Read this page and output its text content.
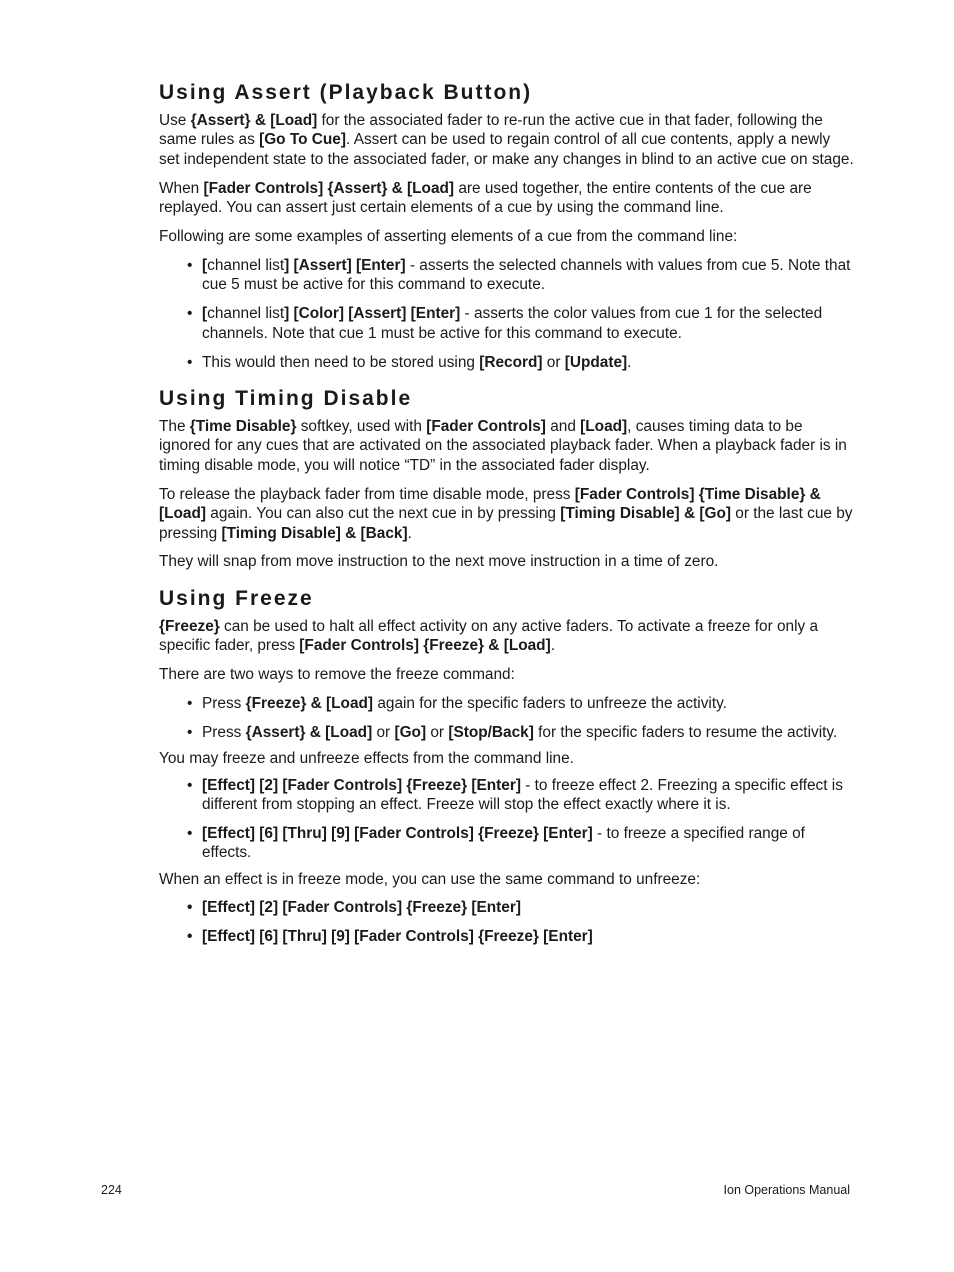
Using Assert (Playback Button)

Use {Assert} & [Load] for the associated fader to re-run the active cue in that fader, following the same rules as [Go To Cue]. Assert can be used to regain control of all cue contents, apply a newly set independent state to the associated fader, or make any changes in blind to an active cue on stage.

When [Fader Controls] {Assert} & [Load] are used together, the entire contents of the cue are replayed. You can assert just certain elements of a cue by using the command line.

Following are some examples of asserting elements of a cue from the command line:

• [channel list] [Assert] [Enter] - asserts the selected channels with values from cue 5. Note that cue 5 must be active for this command to execute.
• [channel list] [Color] [Assert] [Enter] - asserts the color values from cue 1 for the selected channels. Note that cue 1 must be active for this command to execute.
• This would then need to be stored using [Record] or [Update].
Using Timing Disable

The {Time Disable} softkey, used with [Fader Controls] and [Load], causes timing data to be ignored for any cues that are activated on the associated playback fader. When a playback fader is in timing disable mode, you will notice “TD” in the associated fader display.

To release the playback fader from time disable mode, press [Fader Controls] {Time Disable} & [Load] again. You can also cut the next cue in by pressing [Timing Disable] & [Go] or the last cue by pressing [Timing Disable] & [Back].

They will snap from move instruction to the next move instruction in a time of zero.

Using Freeze

{Freeze} can be used to halt all effect activity on any active faders. To activate a freeze for only a specific fader, press [Fader Controls] {Freeze} & [Load].

There are two ways to remove the freeze command:

• Press {Freeze} & [Load] again for the specific faders to unfreeze the activity.
• Press {Assert} & [Load] or [Go] or [Stop/Back] for the specific faders to resume the activity.

You may freeze and unfreeze effects from the command line.

• [Effect] [2] [Fader Controls] {Freeze} [Enter] - to freeze effect 2. Freezing a specific effect is different from stopping an effect. Freeze will stop the effect exactly where it is.
• [Effect] [6] [Thru] [9] [Fader Controls] {Freeze} [Enter] - to freeze a specified range of effects.

When an effect is in freeze mode, you can use the same command to unfreeze:

• [Effect] [2] [Fader Controls] {Freeze} [Enter]
• [Effect] [6] [Thru] [9] [Fader Controls] {Freeze} [Enter]
224	Ion Operations Manual
